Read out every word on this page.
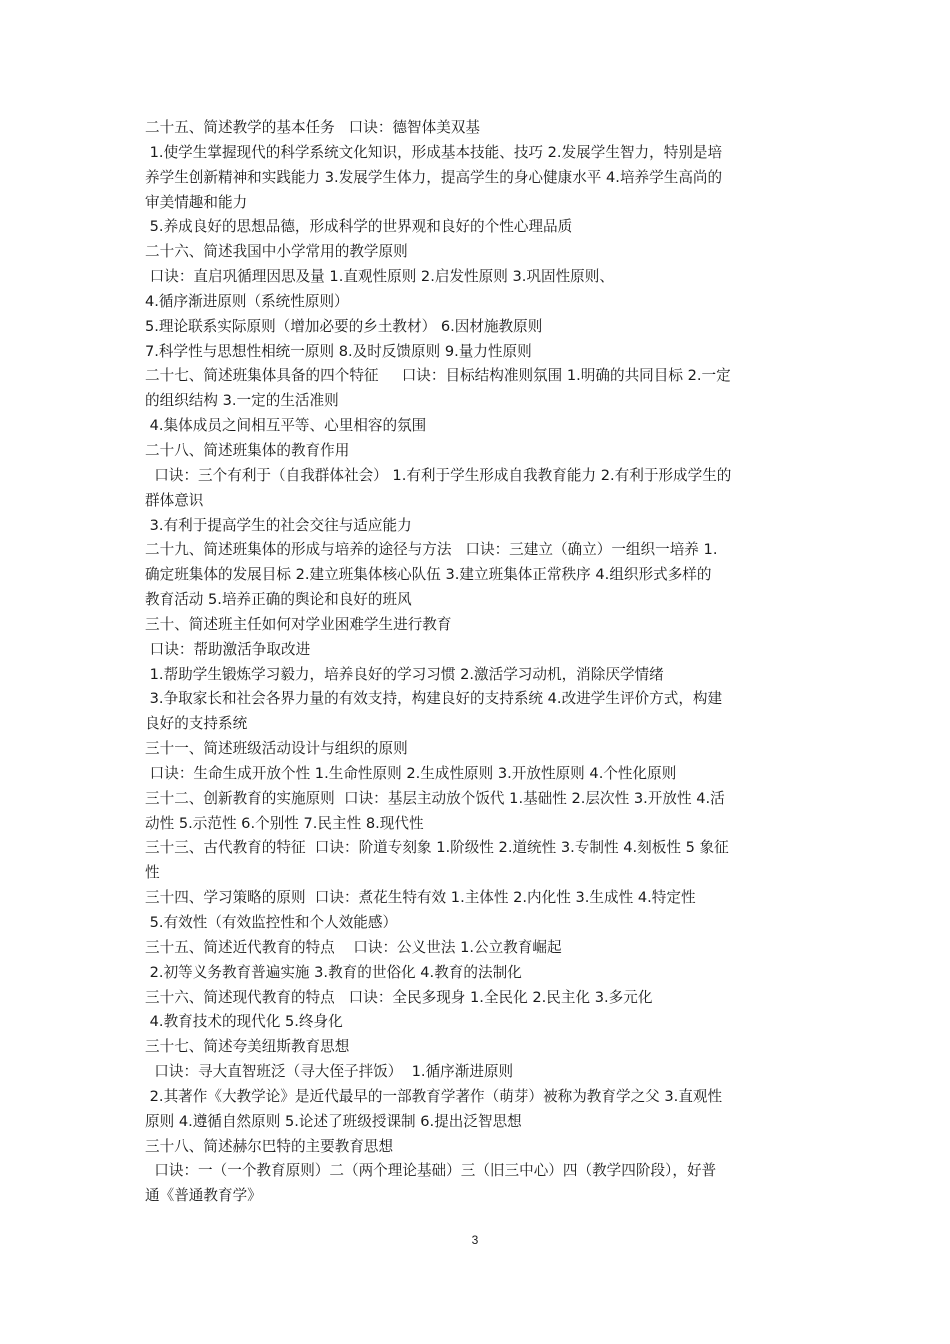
二十五、简述教学的基本任务   口诀：德智体美双基
1.使学生掌握现代的科学系统文化知识，形成基本技能、技巧 2.发展学生智力，特别是培
养学生创新精神和实践能力 3.发展学生体力，提高学生的身心健康水平 4.培养学生高尚的
审美情趣和能力
5.养成良好的思想品德，形成科学的世界观和良好的个性心理品质
二十六、简述我国中小学常用的教学原则
口诀：直启巩循理因思及量 1.直观性原则 2.启发性原则 3.巩固性原则、
4.循序渐进原则（系统性原则）
5.理论联系实际原则（增加必要的乡土教材） 6.因材施教原则
7.科学性与思想性相统一原则 8.及时反馈原则 9.量力性原则
二十七、简述班集体具备的四个特征     口诀：目标结构准则氛围 1.明确的共同目标 2.一定
的组织结构 3.一定的生活准则
4.集体成员之间相互平等、心里相容的氛围
二十八、简述班集体的教育作用
口诀：三个有利于（自我群体社会） 1.有利于学生形成自我教育能力 2.有利于形成学生的
群体意识
3.有利于提高学生的社会交往与适应能力
二十九、简述班集体的形成与培养的途径与方法   口诀：三建立（确立）一组织一培养 1.
确定班集体的发展目标 2.建立班集体核心队伍 3.建立班集体正常秩序 4.组织形式多样的
教育活动 5.培养正确的舆论和良好的班风
三十、简述班主任如何对学业困难学生进行教育
口诀：帮助激活争取改进
1.帮助学生锻炼学习毅力，培养良好的学习习惯 2.激活学习动机，消除厌学情绪
3.争取家长和社会各界力量的有效支持，构建良好的支持系统 4.改进学生评价方式，构建
良好的支持系统
三十一、简述班级活动设计与组织的原则
口诀：生命生成开放个性 1.生命性原则 2.生成性原则 3.开放性原则 4.个性化原则
三十二、创新教育的实施原则  口诀：基层主动放个饭代 1.基础性 2.层次性 3.开放性 4.活
动性 5.示范性 6.个别性 7.民主性 8.现代性
三十三、古代教育的特征  口诀：阶道专刻象 1.阶级性 2.道统性 3.专制性 4.刻板性 5 象征
性
三十四、学习策略的原则  口诀：煮花生特有效 1.主体性 2.内化性 3.生成性 4.特定性
5.有效性（有效监控性和个人效能感）
三十五、简述近代教育的特点    口诀：公义世法 1.公立教育崛起
2.初等义务教育普遍实施 3.教育的世俗化 4.教育的法制化
三十六、简述现代教育的特点   口诀：全民多现身 1.全民化 2.民主化 3.多元化
4.教育技术的现代化 5.终身化
三十七、简述夸美纽斯教育思想
口诀：寻大直智班泛（寻大侄子拌饭）  1.循序渐进原则
2.其著作《大教学论》是近代最早的一部教育学著作（萌芽）被称为教育学之父 3.直观性
原则 4.遵循自然原则 5.论述了班级授课制 6.提出泛智思想
三十八、简述赫尔巴特的主要教育思想
口诀：一（一个教育原则）二（两个理论基础）三（旧三中心）四（教学四阶段），好普
通《普通教育学》
3
